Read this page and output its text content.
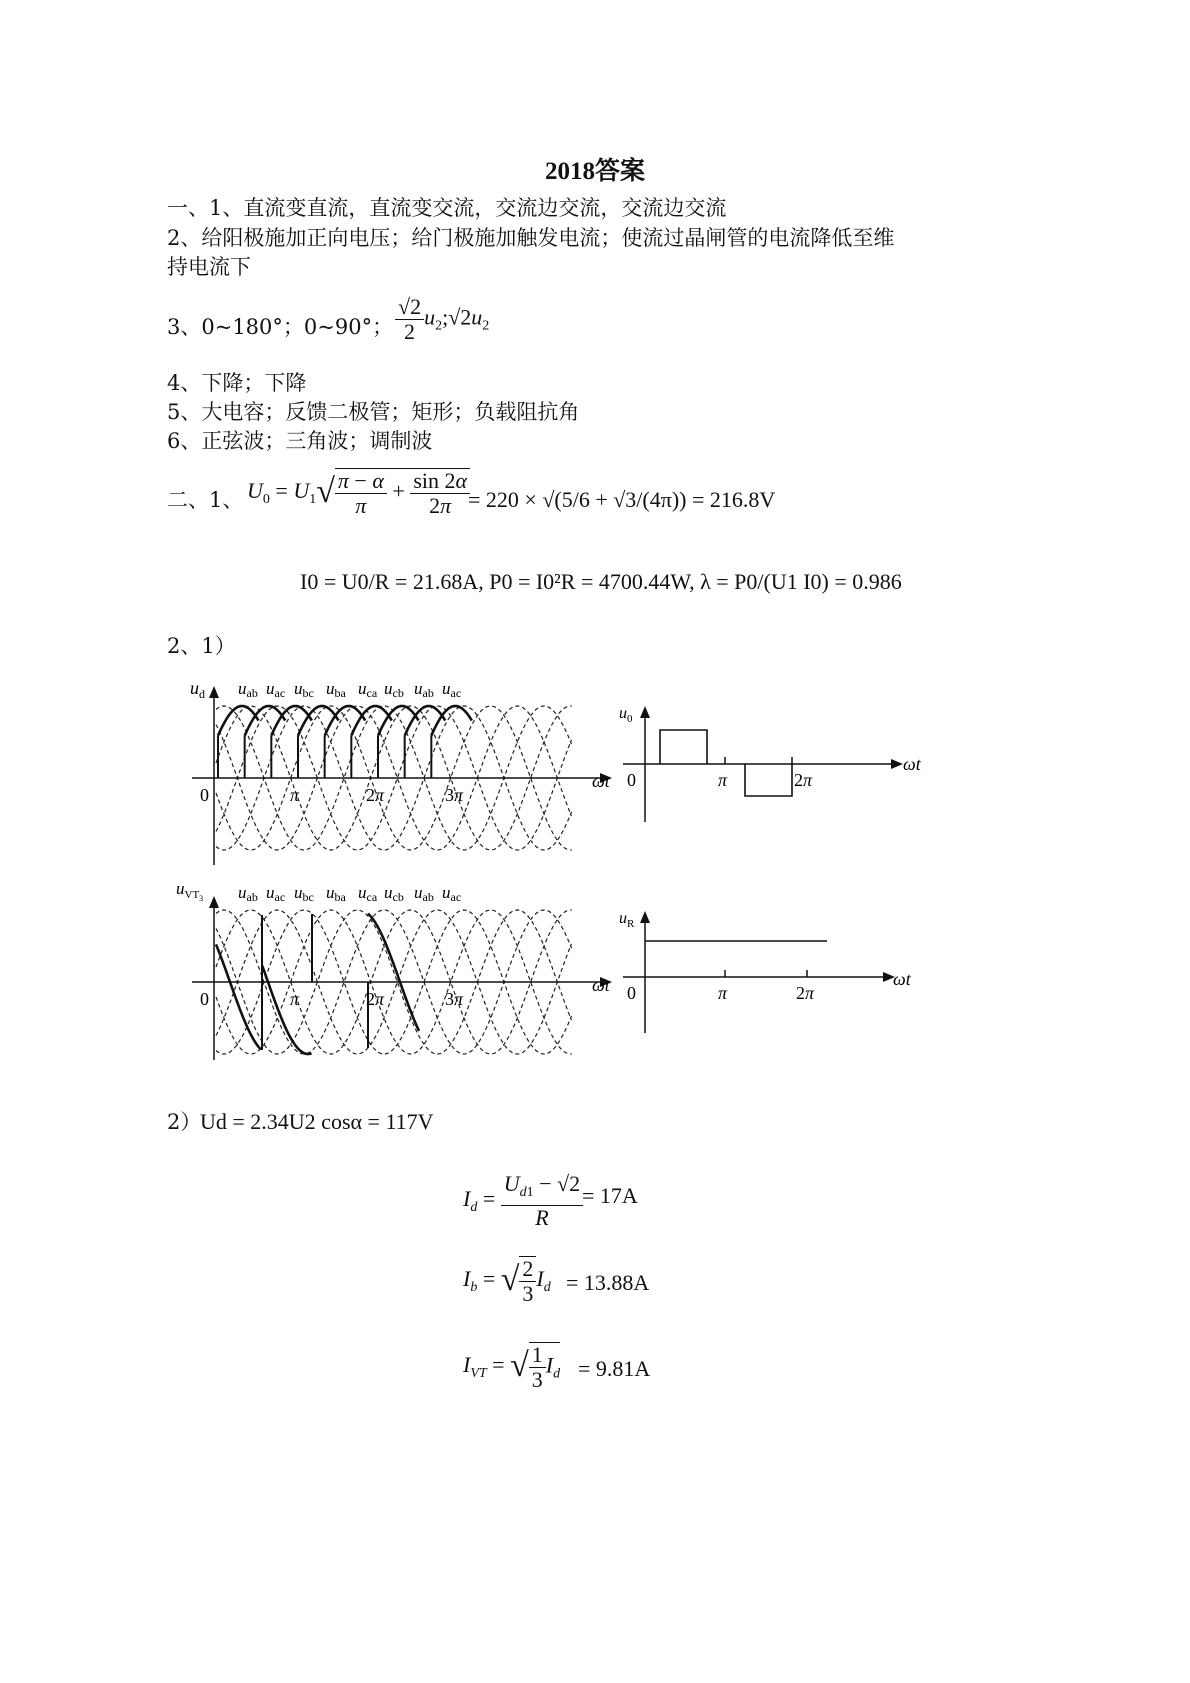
2018答案
一、1、直流变直流，直流变交流，交流边交流，交流边交流
2、给阳极施加正向电压；给门极施加触发电流；使流过晶闸管的电流降低至维
持电流下
3、0~180°；0~90°； $\frac{√2}{2}$ $u_2;√2u_2$
4、下降；下降
5、大电容；反馈二极管；矩形；负载阻抗角
6、正弦波；三角波；调制波
二、1、 $U_0 = U_1√ \frac{\pi - \alpha}{\pi} + \frac{\sin 2\alpha}{2\pi}$
= 220 × √(5/6 + √3/(4π)) = 216.8V
I0 = U0/R = 21.68A, P0 = I0²R = 4700.44W, λ = P0/(U1 I0) = 0.986
2、1）
$u_d$
0	π	2π	3π
ωt
uab uac ubc uba uca ucb uab uac
$u_0$
0	π	2π
ωt
$u_{VT}3$
0	π	2π	3π
ωt
uab uac ubc uba uca ucb uab uac
$u_R$
0	π	2π
ωt
2）
Ud = 2.34U2 cosα = 117V
$I_d = \frac{U_{d1} - √2}{R}$
= 17A
$I_b$ = √ $\frac{2}{3} I_d = 13.88A$
$I_{VT}$ = √ $\frac{1}{3} I_d = 9.81A$
